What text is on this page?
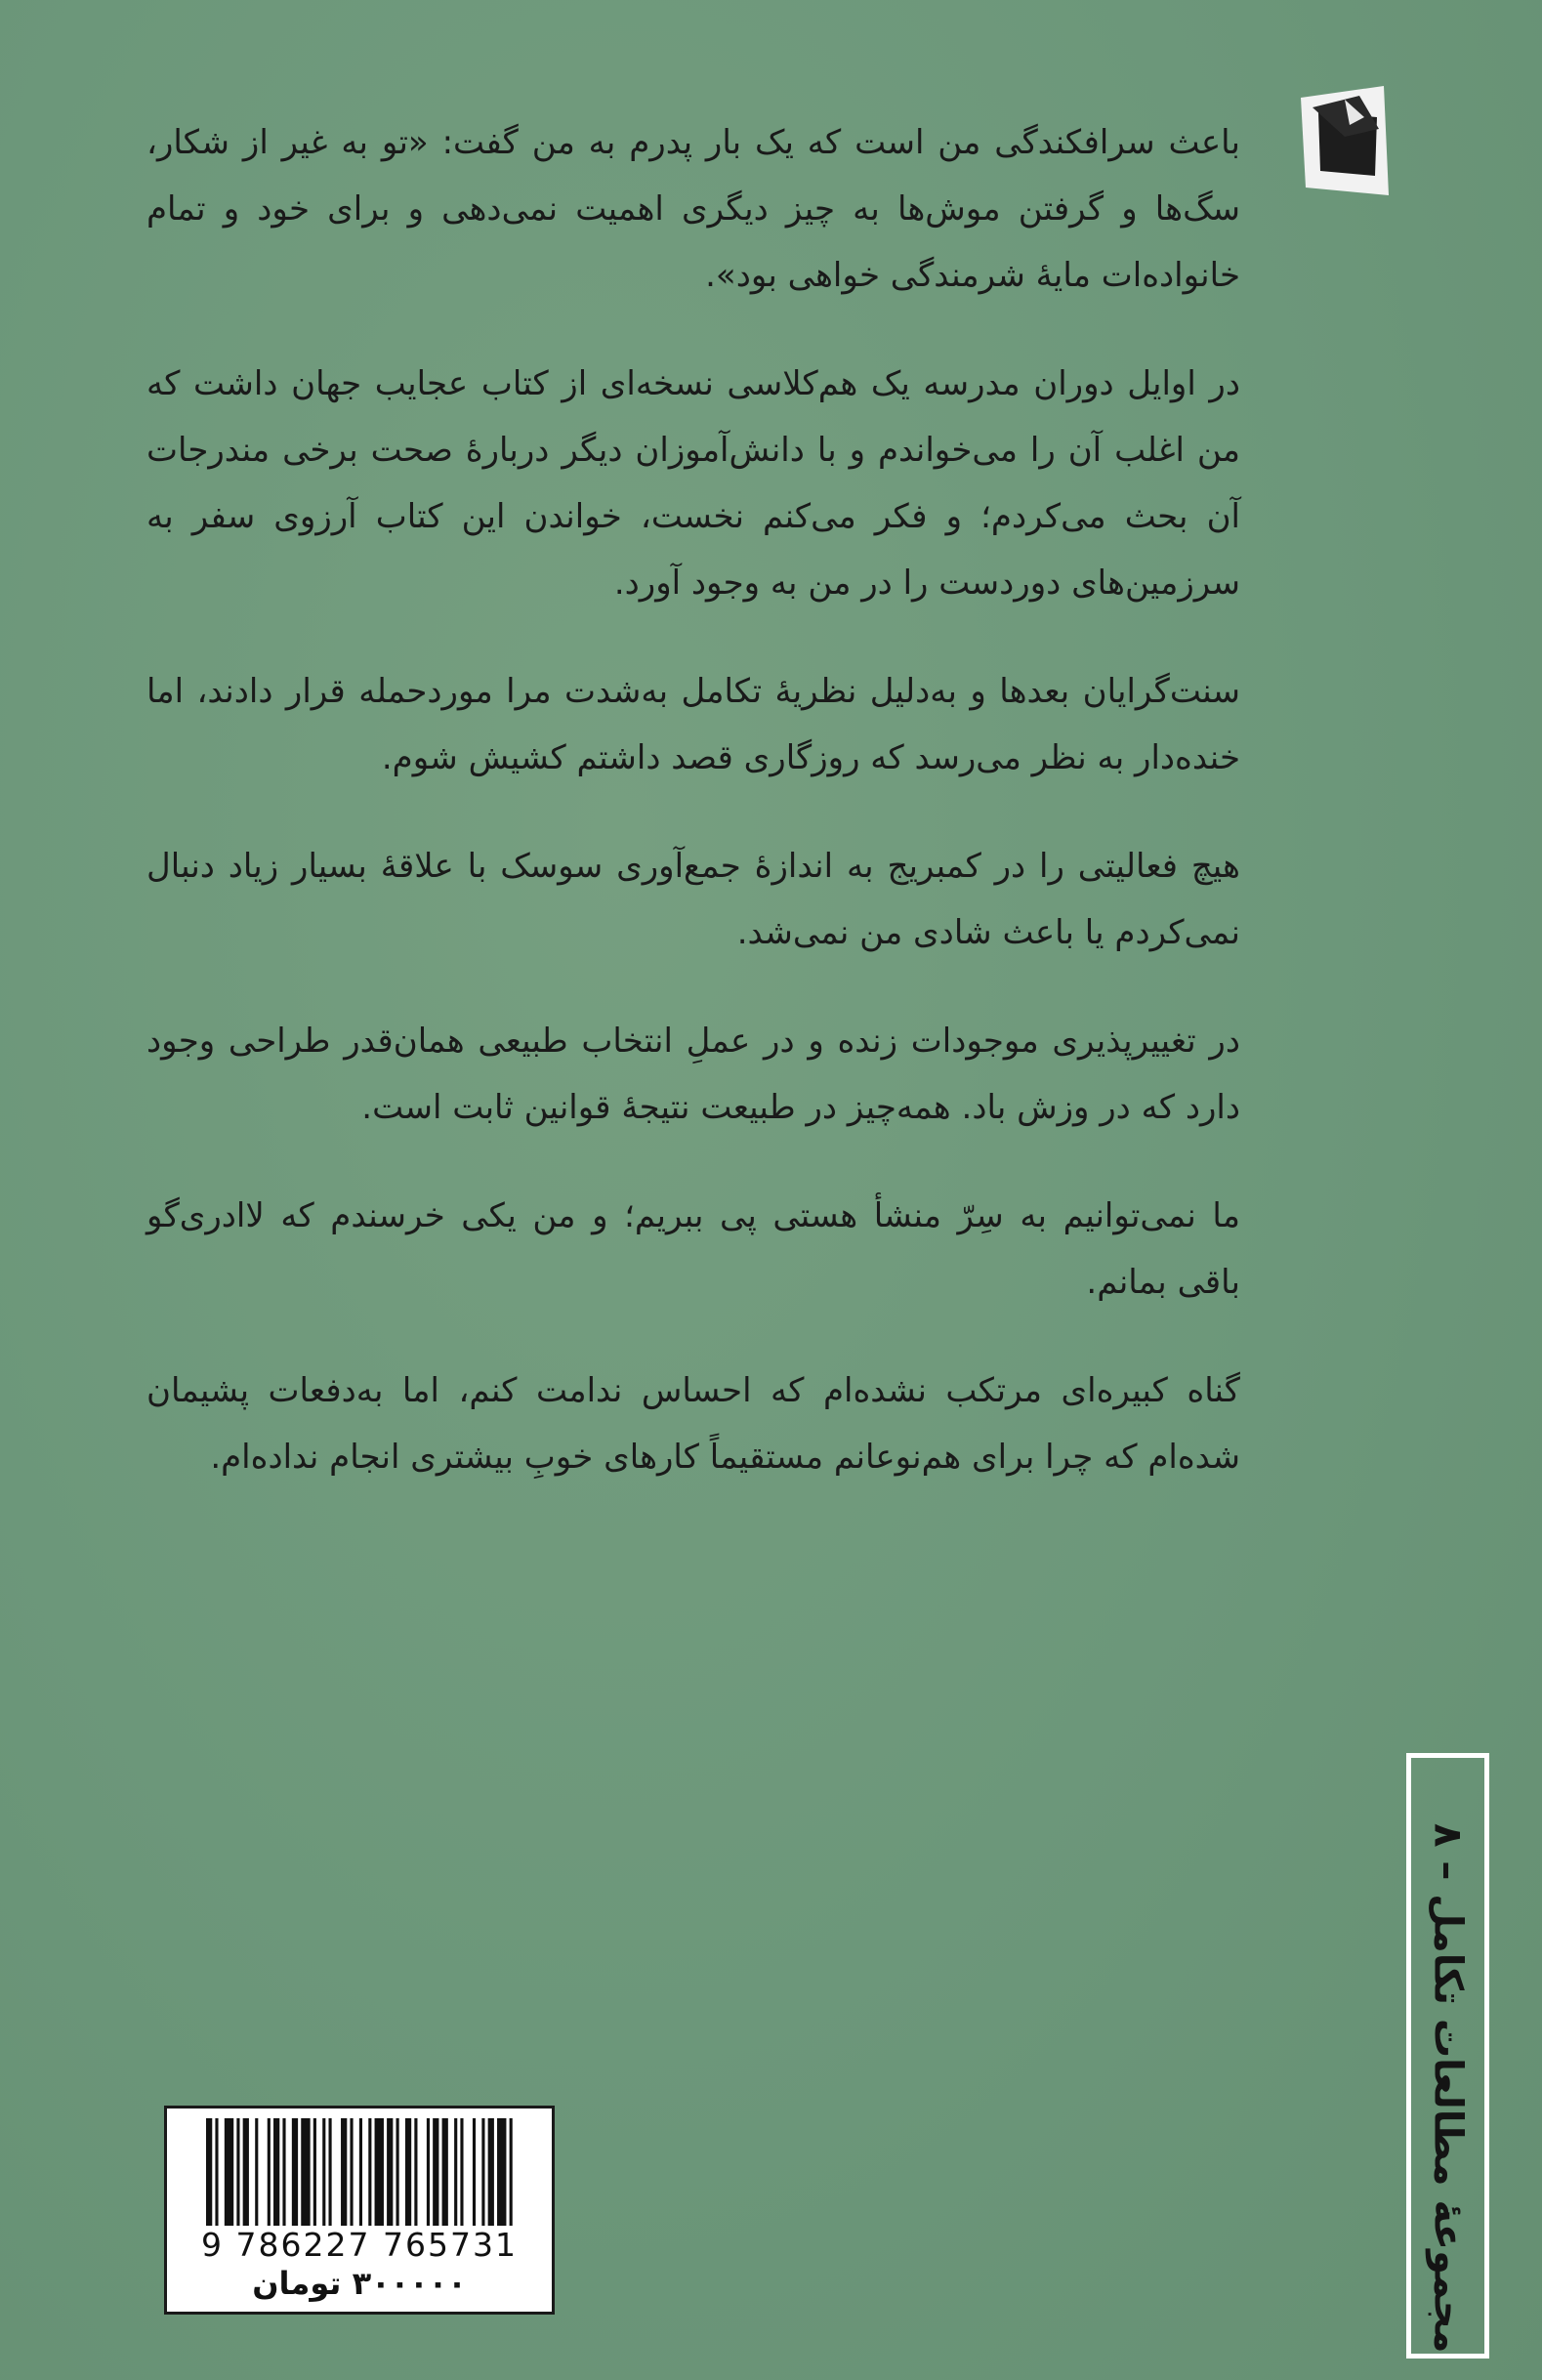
باعث سرافکندگی من است که یک بار پدرم به من گفت: «تو به غیر از شکار، سگ‌ها و گرفتن موش‌ها به چیز دیگری اهمیت نمی‌دهی و برای خود و تمام خانواده‌ات مایهٔ شرمندگی خواهی بود».

در اوایل دوران مدرسه یک هم‌کلاسی نسخه‌ای از کتاب عجایب جهان داشت که من اغلب آن را می‌خواندم و با دانش‌آموزان دیگر دربارهٔ صحت برخی مندرجات آن بحث می‌کردم؛ و فکر می‌کنم نخست، خواندن این کتاب آرزوی سفر به سرزمین‌های دوردست را در من به وجود آورد.

سنت‌گرایان بعدها و به‌دلیل نظریهٔ تکامل به‌شدت مرا موردحمله قرار دادند، اما خنده‌دار به نظر می‌رسد که روزگاری قصد داشتم کشیش شوم.

هیچ فعالیتی را در کمبریج به اندازهٔ جمع‌آوری سوسک با علاقهٔ بسیار زیاد دنبال نمی‌کردم یا باعث شادی من نمی‌شد.

در تغییرپذیری موجودات زنده و در عملِ انتخاب طبیعی همان‌قدر طراحی وجود دارد که در وزش باد. همه‌چیز در طبیعت نتیجهٔ قوانین ثابت است.

ما نمی‌توانیم به سِرّ منشأ هستی پی ببریم؛ و من یکی خرسندم که لاادری‌گو باقی بمانم.

گناه کبیره‌ای مرتکب نشده‌ام که احساس ندامت کنم، اما به‌دفعات پشیمان شده‌ام که چرا برای هم‌نوعانم مستقیماً کارهای خوبِ بیشتری انجام نداده‌ام.

مجموعهٔ مطالعات تکامل – ۸
9 786227 765731
۳۰۰۰۰۰ تومان
